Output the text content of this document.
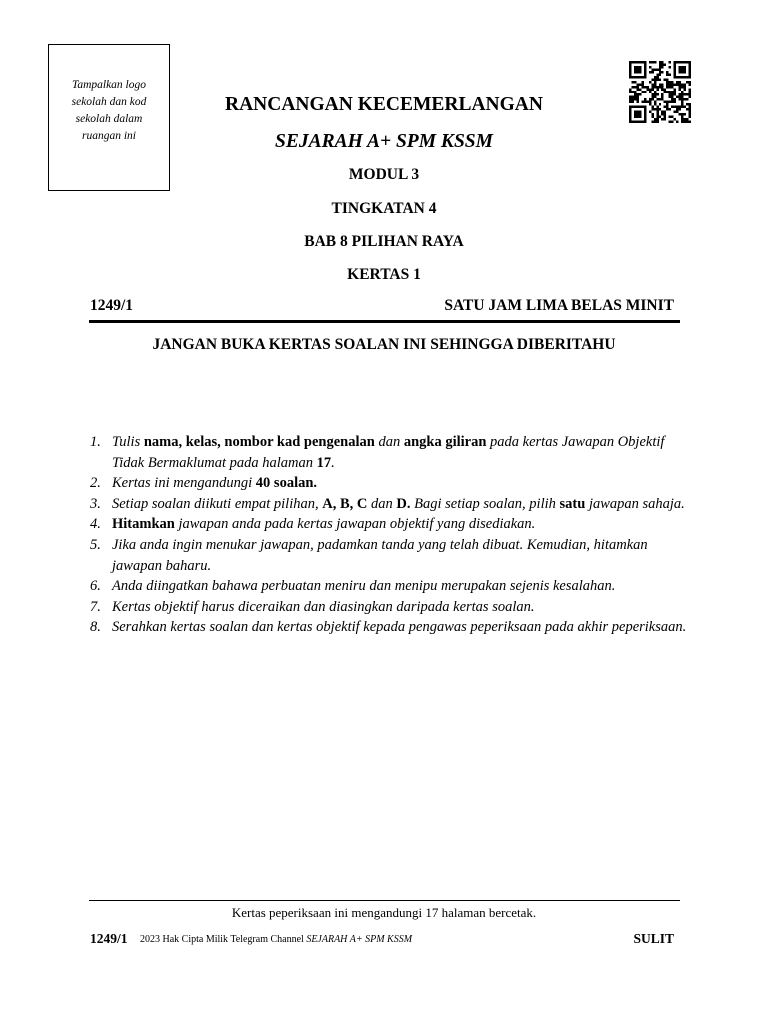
Tampalkan logo sekolah dan kod sekolah dalam ruangan ini
RANCANGAN KECEMERLANGAN
SEJARAH A+ SPM KSSM
MODUL 3
TINGKATAN 4
BAB 8 PILIHAN RAYA
KERTAS 1
1249/1	SATU JAM LIMA BELAS MINIT
JANGAN BUKA KERTAS SOALAN INI SEHINGGA DIBERITAHU
1. Tulis nama, kelas, nombor kad pengenalan dan angka giliran pada kertas Jawapan Objektif Tidak Bermaklumat pada halaman 17.
2. Kertas ini mengandungi 40 soalan.
3. Setiap soalan diikuti empat pilihan, A, B, C dan D. Bagi setiap soalan, pilih satu jawapan sahaja.
4. Hitamkan jawapan anda pada kertas jawapan objektif yang disediakan.
5. Jika anda ingin menukar jawapan, padamkan tanda yang telah dibuat. Kemudian, hitamkan jawapan baharu.
6. Anda diingatkan bahawa perbuatan meniru dan menipu merupakan sejenis kesalahan.
7. Kertas objektif harus diceraikan dan diasingkan daripada kertas soalan.
8. Serahkan kertas soalan dan kertas objektif kepada pengawas peperiksaan pada akhir peperiksaan.
Kertas peperiksaan ini mengandungi 17 halaman bercetak.
1249/1 2023 Hak Cipta Milik Telegram Channel SEJARAH A+ SPM KSSM	SULIT
